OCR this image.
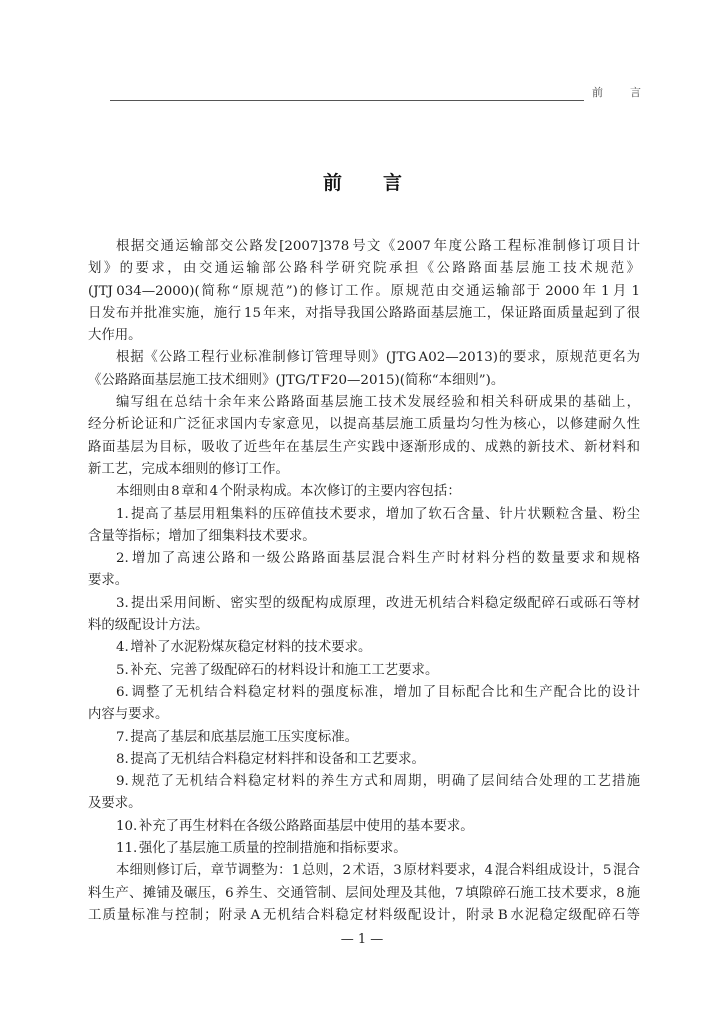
前　言
前　言
根据交通运输部交公路发[2007]378 号文《2007 年度公路工程标准制修订项目计
划》的要求，由交通运输部公路科学研究院承担《公路路面基层施工技术规范》
(JTJ 034—2000)(简称“原规范”)的修订工作。原规范由交通运输部于 2000 年 1 月 1
日发布并批准实施，施行 15 年来，对指导我国公路路面基层施工，保证路面质量起到了很
大作用。
根据《公路工程行业标准制修订管理导则》(JTG A02—2013)的要求，原规范更名为
《公路路面基层施工技术细则》(JTG/T F20—2015)(简称“本细则”)。
编写组在总结十余年来公路路面基层施工技术发展经验和相关科研成果的基础上，
经分析论证和广泛征求国内专家意见，以提高基层施工质量均匀性为核心，以修建耐久性
路面基层为目标，吸收了近些年在基层生产实践中逐渐形成的、成熟的新技术、新材料和
新工艺，完成本细则的修订工作。
本细则由 8 章和 4 个附录构成。本次修订的主要内容包括：
1. 提高了基层用粗集料的压碎值技术要求，增加了软石含量、针片状颗粒含量、粉尘
含量等指标；增加了细集料技术要求。
2. 增加了高速公路和一级公路路面基层混合料生产时材料分档的数量要求和规格
要求。
3. 提出采用间断、密实型的级配构成原理，改进无机结合料稳定级配碎石或砾石等材
料的级配设计方法。
4. 增补了水泥粉煤灰稳定材料的技术要求。
5. 补充、完善了级配碎石的材料设计和施工工艺要求。
6. 调整了无机结合料稳定材料的强度标准，增加了目标配合比和生产配合比的设计
内容与要求。
7. 提高了基层和底基层施工压实度标准。
8. 提高了无机结合料稳定材料拌和设备和工艺要求。
9. 规范了无机结合料稳定材料的养生方式和周期，明确了层间结合处理的工艺措施
及要求。
10. 补充了再生材料在各级公路路面基层中使用的基本要求。
11. 强化了基层施工质量的控制措施和指标要求。
本细则修订后，章节调整为：1 总则，2 术语，3 原材料要求，4 混合料组成设计，5 混合
料生产、摊铺及碾压，6 养生、交通管制、层间处理及其他，7 填隙碎石施工技术要求，8 施
工质量标准与控制；附录 A 无机结合料稳定材料级配设计，附录 B 水泥稳定级配碎石等
— 1 —
